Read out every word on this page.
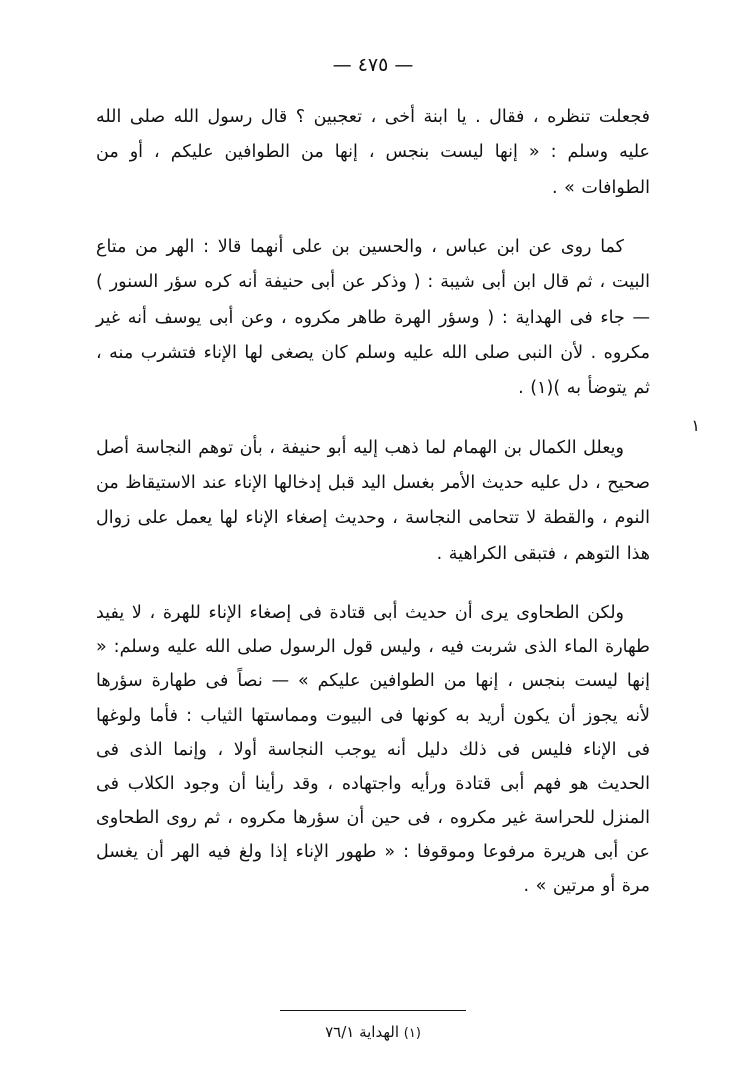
— ٤٧٥ —
١

فجعلت تنظره ، فقال . يا ابنة أخى ، تعجبين ؟ قال رسول الله صلى الله عليه وسلم : « إنها ليست بنجس ، إنها من الطوافين عليكم ، أو من الطوافات » .

كما روى عن ابن عباس ، والحسين بن على أنهما قالا : الهر من متاع البيت ، ثم قال ابن أبى شيبة : ( وذكر عن أبى حنيفة أنه كره سؤر السنور ) — جاء فى الهداية : ( وسؤر الهرة طاهر مكروه ، وعن أبى يوسف أنه غير مكروه . لأن النبى صلى الله عليه وسلم كان يصغى لها الإناء فتشرب منه ، ثم يتوضأ به )(١) .

ويعلل الكمال بن الهمام لما ذهب إليه أبو حنيفة ، بأن توهم النجاسة أصل صحيح ، دل عليه حديث الأمر بغسل اليد قبل إدخالها الإناء عند الاستيقاظ من النوم ، والقطة لا تتحامى النجاسة ، وحديث إصغاء الإناء لها يعمل على زوال هذا التوهم ، فتبقى الكراهية .

ولكن الطحاوى يرى أن حديث أبى قتادة فى إصغاء الإناء للهرة ، لا يفيد طهارة الماء الذى شربت فيه ، وليس قول الرسول صلى الله عليه وسلم: « إنها ليست بنجس ، إنها من الطوافين عليكم » — نصاً فى طهارة سؤرها لأنه يجوز أن يكون أريد به كونها فى البيوت ومماستها الثياب : فأما ولوغها فى الإناء فليس فى ذلك دليل أنه يوجب النجاسة أولا ، وإنما الذى فى الحديث هو فهم أبى قتادة ورأيه واجتهاده ، وقد رأينا أن وجود الكلاب فى المنزل للحراسة غير مكروه ، فى حين أن سؤرها مكروه ، ثم روى الطحاوى عن أبى هريرة مرفوعا وموقوفا : « طهور الإناء إذا ولغ فيه الهر أن يغسل مرة أو مرتين » .

(١) الهداية ٧٦/١
